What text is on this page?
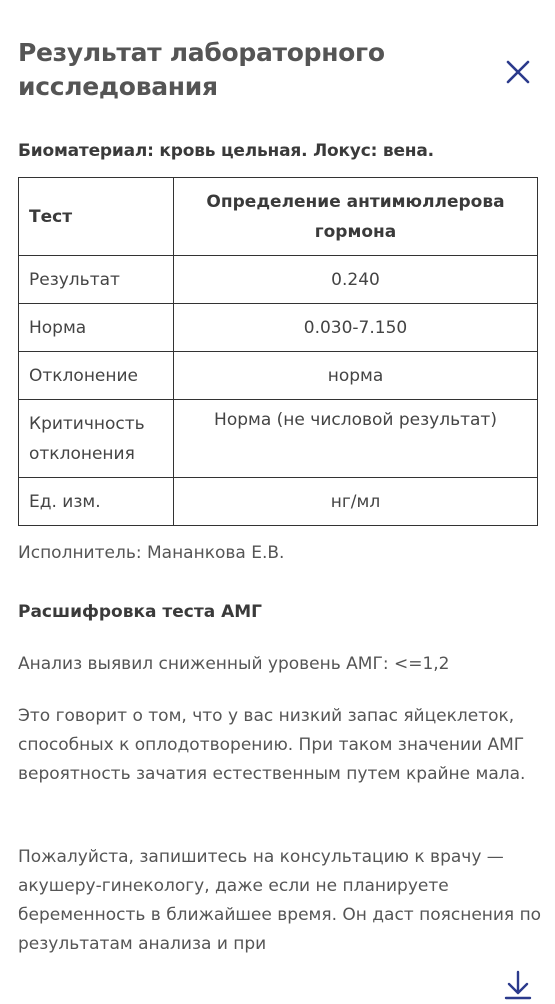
Результат лабораторного исследования
Биоматериал: кровь цельная. Локус: вена.
Тест	Определение антимюллерова гормона
Результат	0.240
Норма	0.030-7.150
Отклонение	норма
Критичность отклонения	Норма (не числовой результат)
Ед. изм.	нг/мл
Исполнитель: Мананкова Е.В.
Расшифровка теста АМГ

Анализ выявил сниженный уровень АМГ: <=1,2

Это говорит о том, что у вас низкий запас яйцеклеток, способных к оплодотворению. При таком значении АМГ вероятность зачатия естественным путем крайне мала.

Пожалуйста, запишитесь на консультацию к врачу — акушеру-гинекологу, даже если не планируете беременность в ближайшее время. Он даст пояснения по результатам анализа и при
